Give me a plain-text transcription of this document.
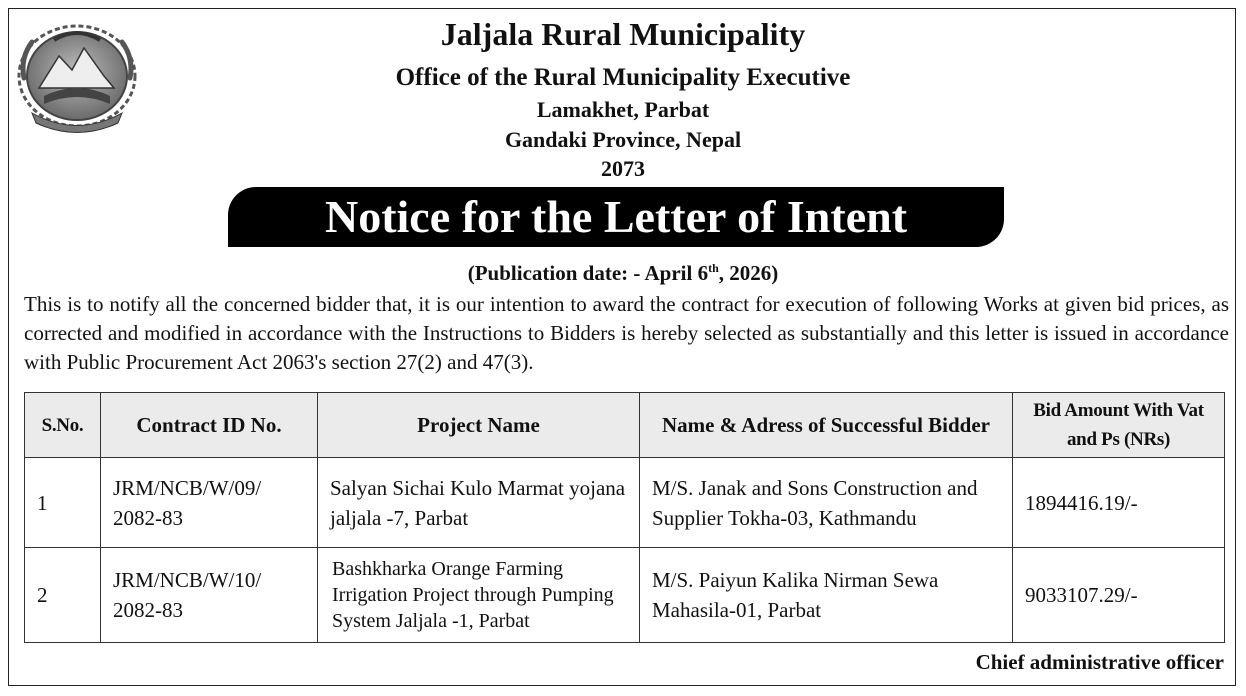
Jaljala Rural Municipality
Office of the Rural Municipality Executive
Lamakhet, Parbat
Gandaki Province, Nepal
2073
Notice for the Letter of Intent
(Publication date: - April 6th, 2026)
This is to notify all the concerned bidder that, it is our intention to award the contract for execution of following Works at given bid prices, as corrected and modified in accordance with the Instructions to Bidders is hereby selected as substantially and this letter is issued in accordance with Public Procurement Act 2063's section 27(2) and 47(3).
S.No.	Contract ID No.	Project Name	Name & Adress of Successful Bidder	Bid Amount With Vat and Ps (NRs)
1	JRM/NCB/W/09/ 2082-83	Salyan Sichai Kulo Marmat yojana jaljala -7, Parbat	M/S. Janak and Sons Construction and Supplier Tokha-03, Kathmandu	1894416.19/-
2	JRM/NCB/W/10/ 2082-83	Bashkharka Orange Farming Irrigation Project through Pumping System Jaljala -1, Parbat	M/S. Paiyun Kalika Nirman Sewa Mahasila-01, Parbat	9033107.29/-
Chief administrative officer
